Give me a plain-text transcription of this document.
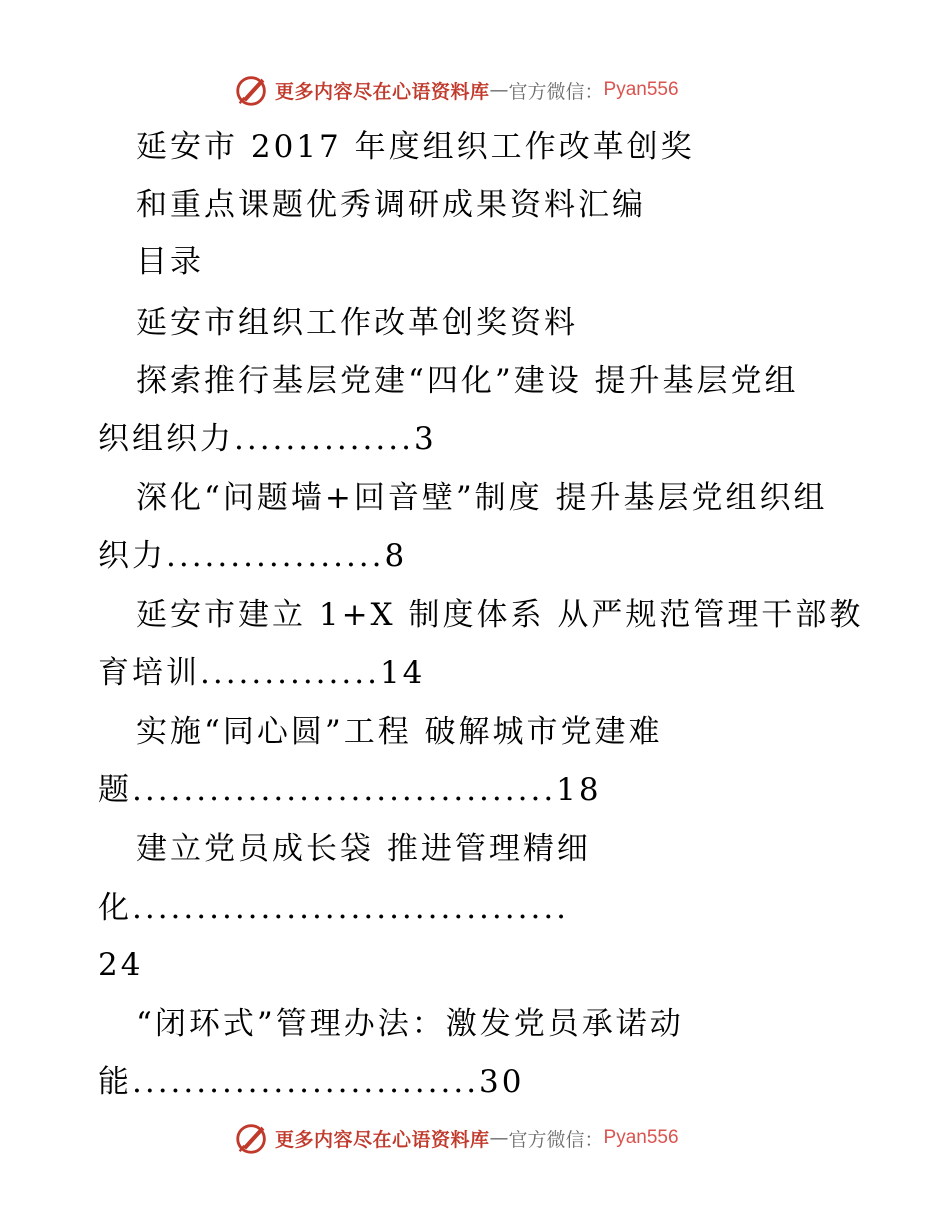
更多内容尽在心语资料库 — 官方微信： Pyan556
延安市 2017 年度组织工作改革创奖
和重点课题优秀调研成果资料汇编
目录
延安市组织工作改革创奖资料
探索推行基层党建“四化”建设 提升基层党组
织组织力..............3
深化“问题墙+回音壁”制度 提升基层党组织组
织力.................8
延安市建立 1+X 制度体系 从严规范管理干部教
育培训..............14
实施“同心圆”工程 破解城市党建难
题.................................18
建立党员成长袋 推进管理精细
化..................................
24
“闭环式”管理办法：激发党员承诺动
能...........................30
更多内容尽在心语资料库 — 官方微信： Pyan556
